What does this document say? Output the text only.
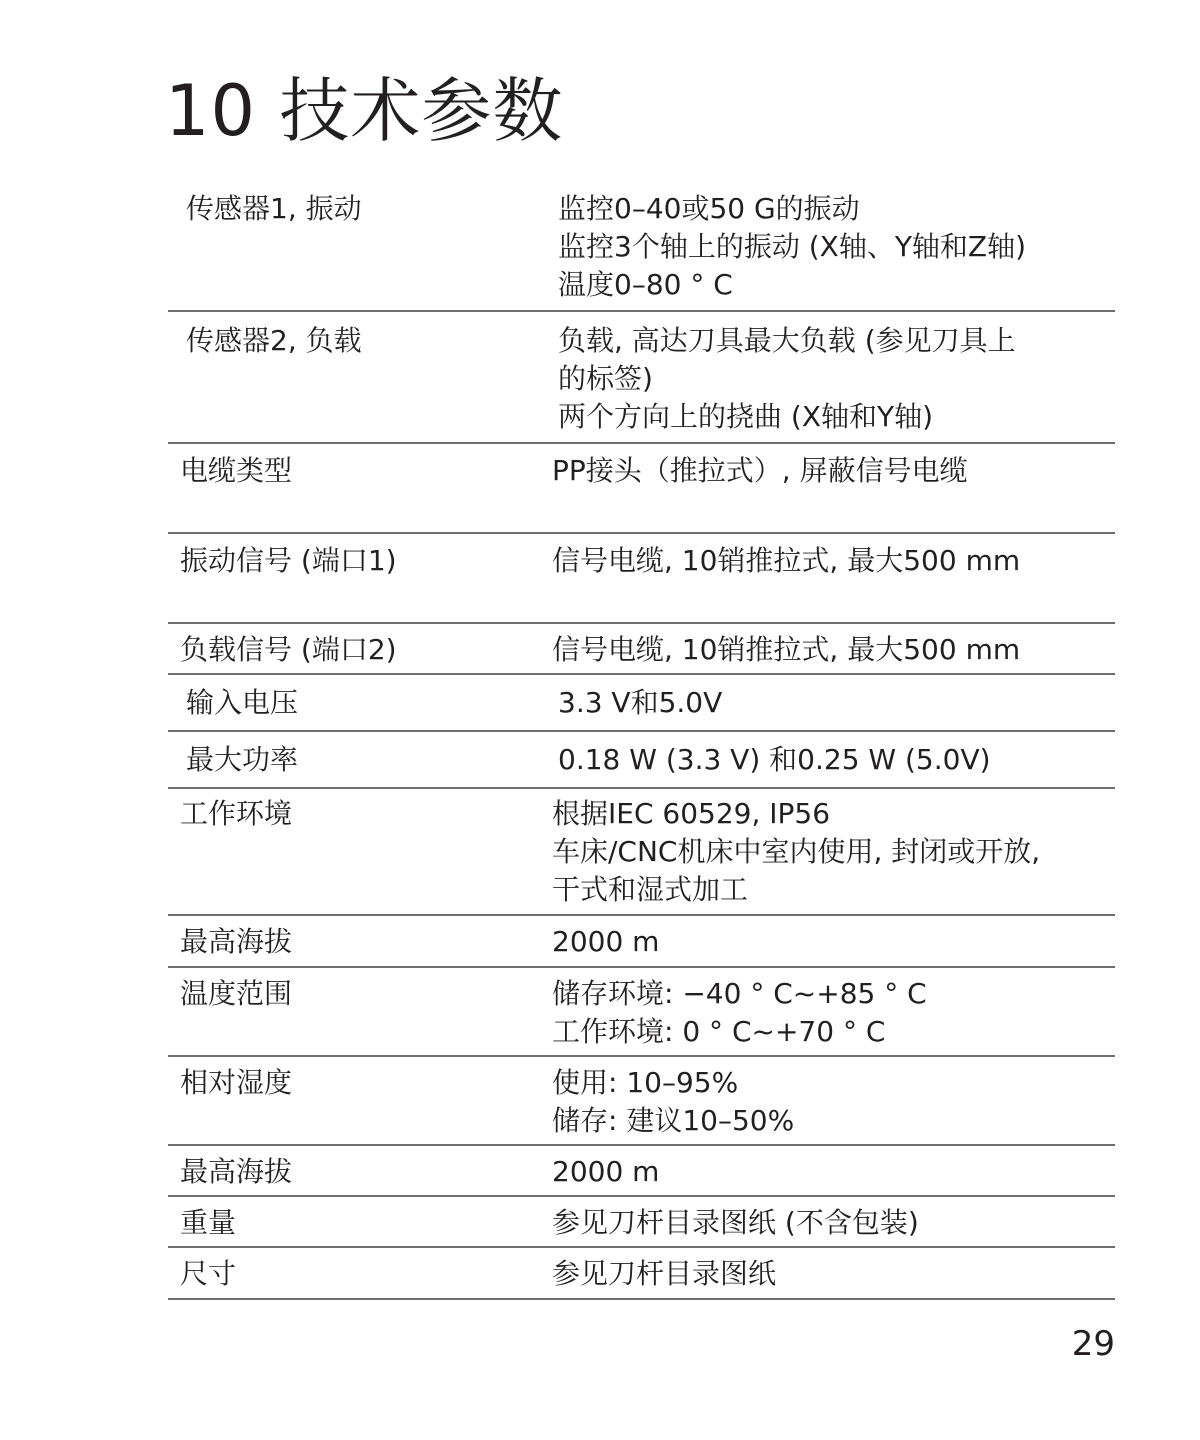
10 技术参数
传感器1, 振动	监控0–40或50 G的振动
监控3个轴上的振动 (X轴、Y轴和Z轴)
温度0–80 ° C
传感器2, 负载	负载, 高达刀具最大负载 (参见刀具上
的标签)
两个方向上的挠曲 (X轴和Y轴)
电缆类型	PP接头（推拉式）, 屏蔽信号电缆
振动信号 (端口1)	信号电缆, 10销推拉式, 最大500 mm
负载信号 (端口2)	信号电缆, 10销推拉式, 最大500 mm
输入电压	3.3 V和5.0V
最大功率	0.18 W (3.3 V) 和0.25 W (5.0V)
工作环境	根据IEC 60529, IP56
车床/CNC机床中室内使用, 封闭或开放,
干式和湿式加工
最高海拔	2000 m
温度范围	储存环境: −40 ° C~+85 ° C
工作环境: 0 ° C~+70 ° C
相对湿度	使用: 10–95%
储存: 建议10–50%
最高海拔	2000 m
重量	参见刀杆目录图纸 (不含包装)
尺寸	参见刀杆目录图纸
29
